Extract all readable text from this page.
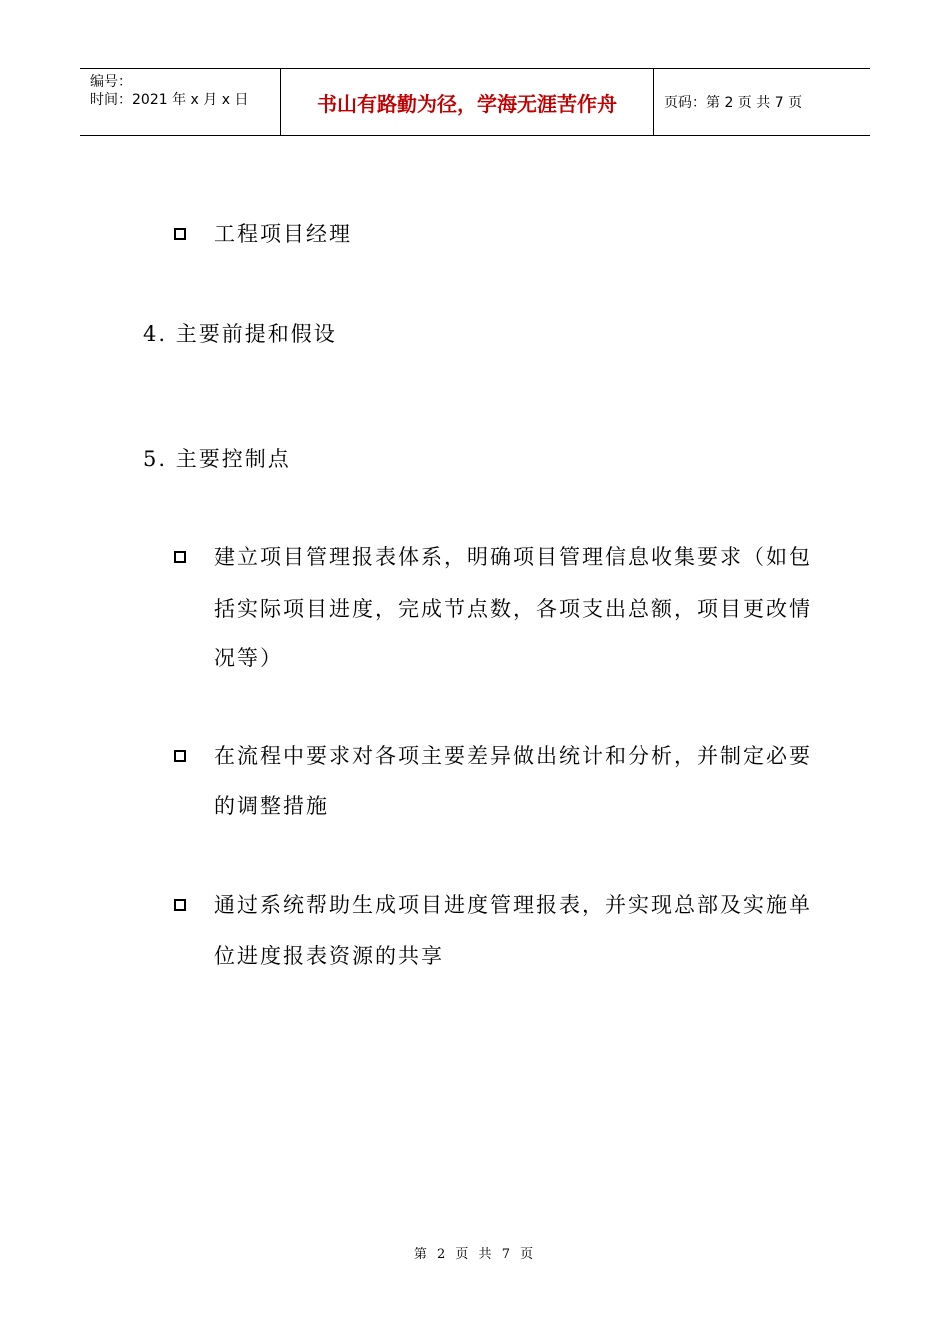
编号：
时间：2021 年 x 月 x 日	书山有路勤为径，学海无涯苦作舟	页码：第 2 页 共 7 页
工程项目经理
4. 主要前提和假设
5. 主要控制点
建立项目管理报表体系，明确项目管理信息收集要求（如包
括实际项目进度，完成节点数，各项支出总额，项目更改情
况等）
在流程中要求对各项主要差异做出统计和分析，并制定必要
的调整措施
通过系统帮助生成项目进度管理报表，并实现总部及实施单
位进度报表资源的共享
第 2 页 共 7 页
